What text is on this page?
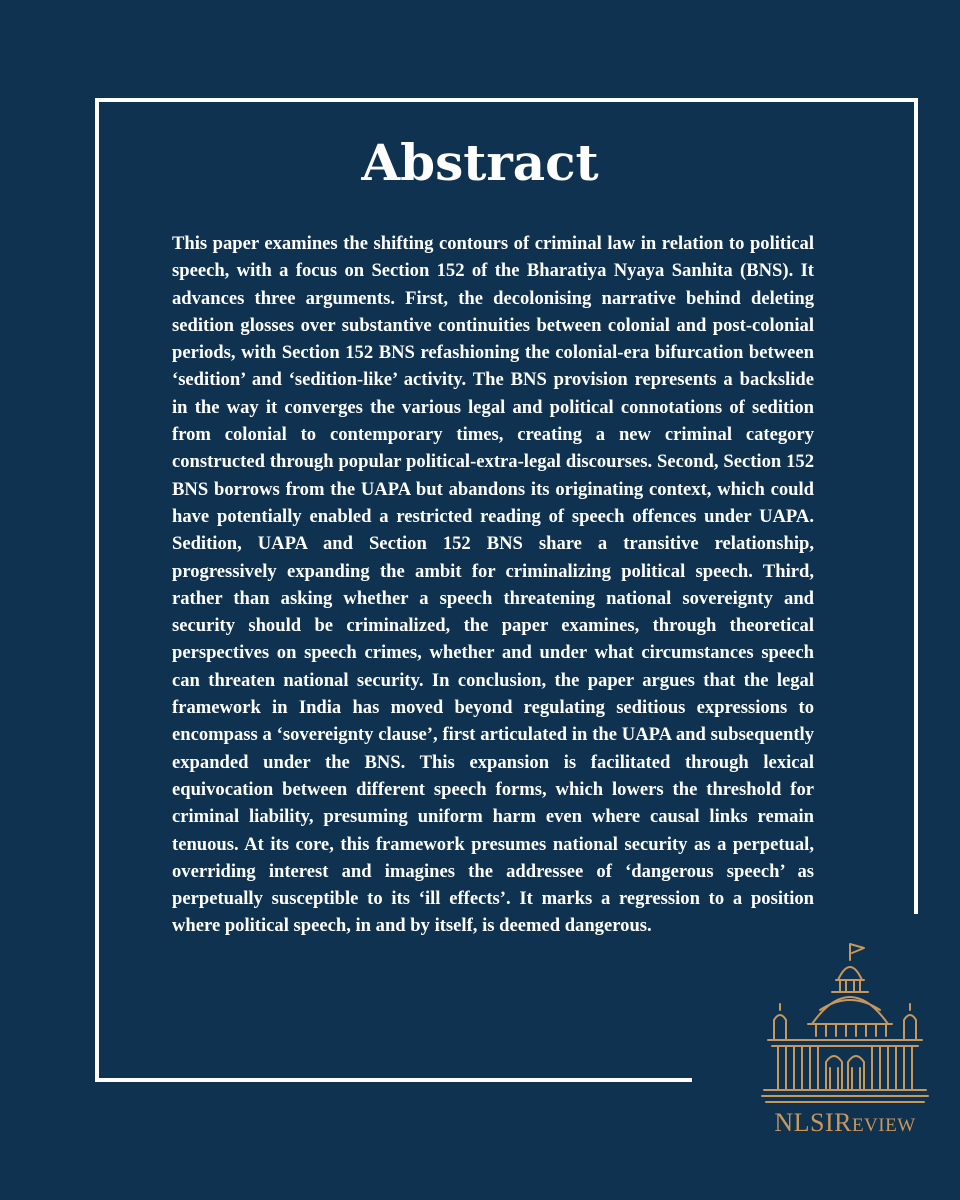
Abstract

This paper examines the shifting contours of criminal law in relation to political speech, with a focus on Section 152 of the Bharatiya Nyaya Sanhita (BNS). It advances three arguments. First, the decolonising narrative behind deleting sedition glosses over substantive continuities between colonial and post-colonial periods, with Section 152 BNS refashioning the colonial-era bifurcation between ‘sedition’ and ‘sedition-like’ activity. The BNS provision represents a backslide in the way it converges the various legal and political connotations of sedition from colonial to contemporary times, creating a new criminal category constructed through popular political-extra-legal discourses. Second, Section 152 BNS borrows from the UAPA but abandons its originating context, which could have potentially enabled a restricted reading of speech offences under UAPA. Sedition, UAPA and Section 152 BNS share a transitive relationship, progressively expanding the ambit for criminalizing political speech. Third, rather than asking whether a speech threatening national sovereignty and security should be criminalized, the paper examines, through theoretical perspectives on speech crimes, whether and under what circumstances speech can threaten national security. In conclusion, the paper argues that the legal framework in India has moved beyond regulating seditious expressions to encompass a ‘sovereignty clause’, first articulated in the UAPA and subsequently expanded under the BNS. This expansion is facilitated through lexical equivocation between different speech forms, which lowers the threshold for criminal liability, presuming uniform harm even where causal links remain tenuous. At its core, this framework presumes national security as a perpetual, overriding interest and imagines the addressee of ‘dangerous speech’ as perpetually susceptible to its ‘ill effects’. It marks a regression to a position where political speech, in and by itself, is deemed dangerous.

NLSIREVIEW
